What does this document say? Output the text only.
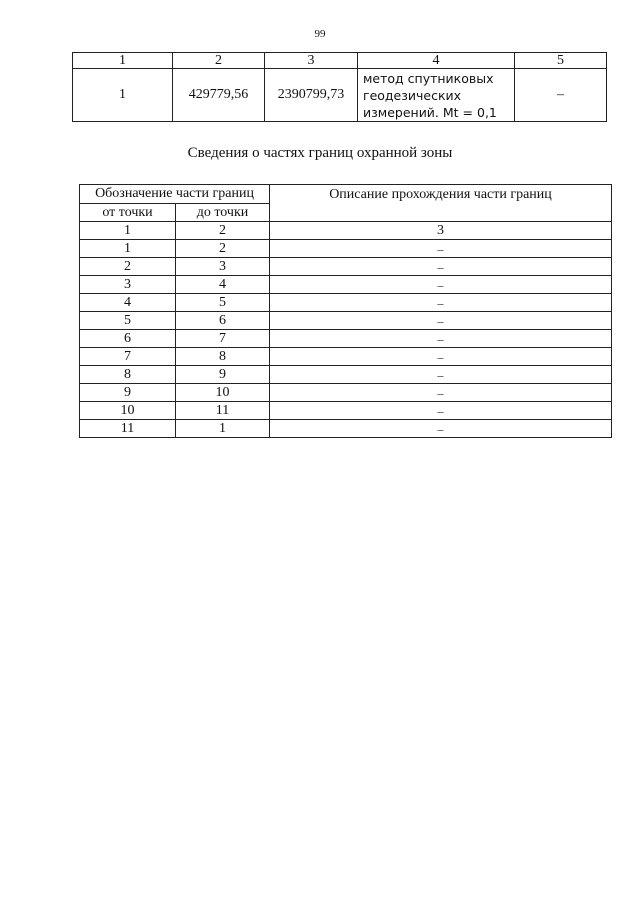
99
1	2	3	4	5
1	429779,56	2390799,73	метод спутниковых
геодезических
измерений. Mt = 0,1	–
Сведения о частях границ охранной зоны
Обозначение части границ		Описание прохождения части границ
от точки	до точки	
1	2	3
1	2	–
2	3	–
3	4	–
4	5	–
5	6	–
6	7	–
7	8	–
8	9	–
9	10	–
10	11	–
11	1	–
